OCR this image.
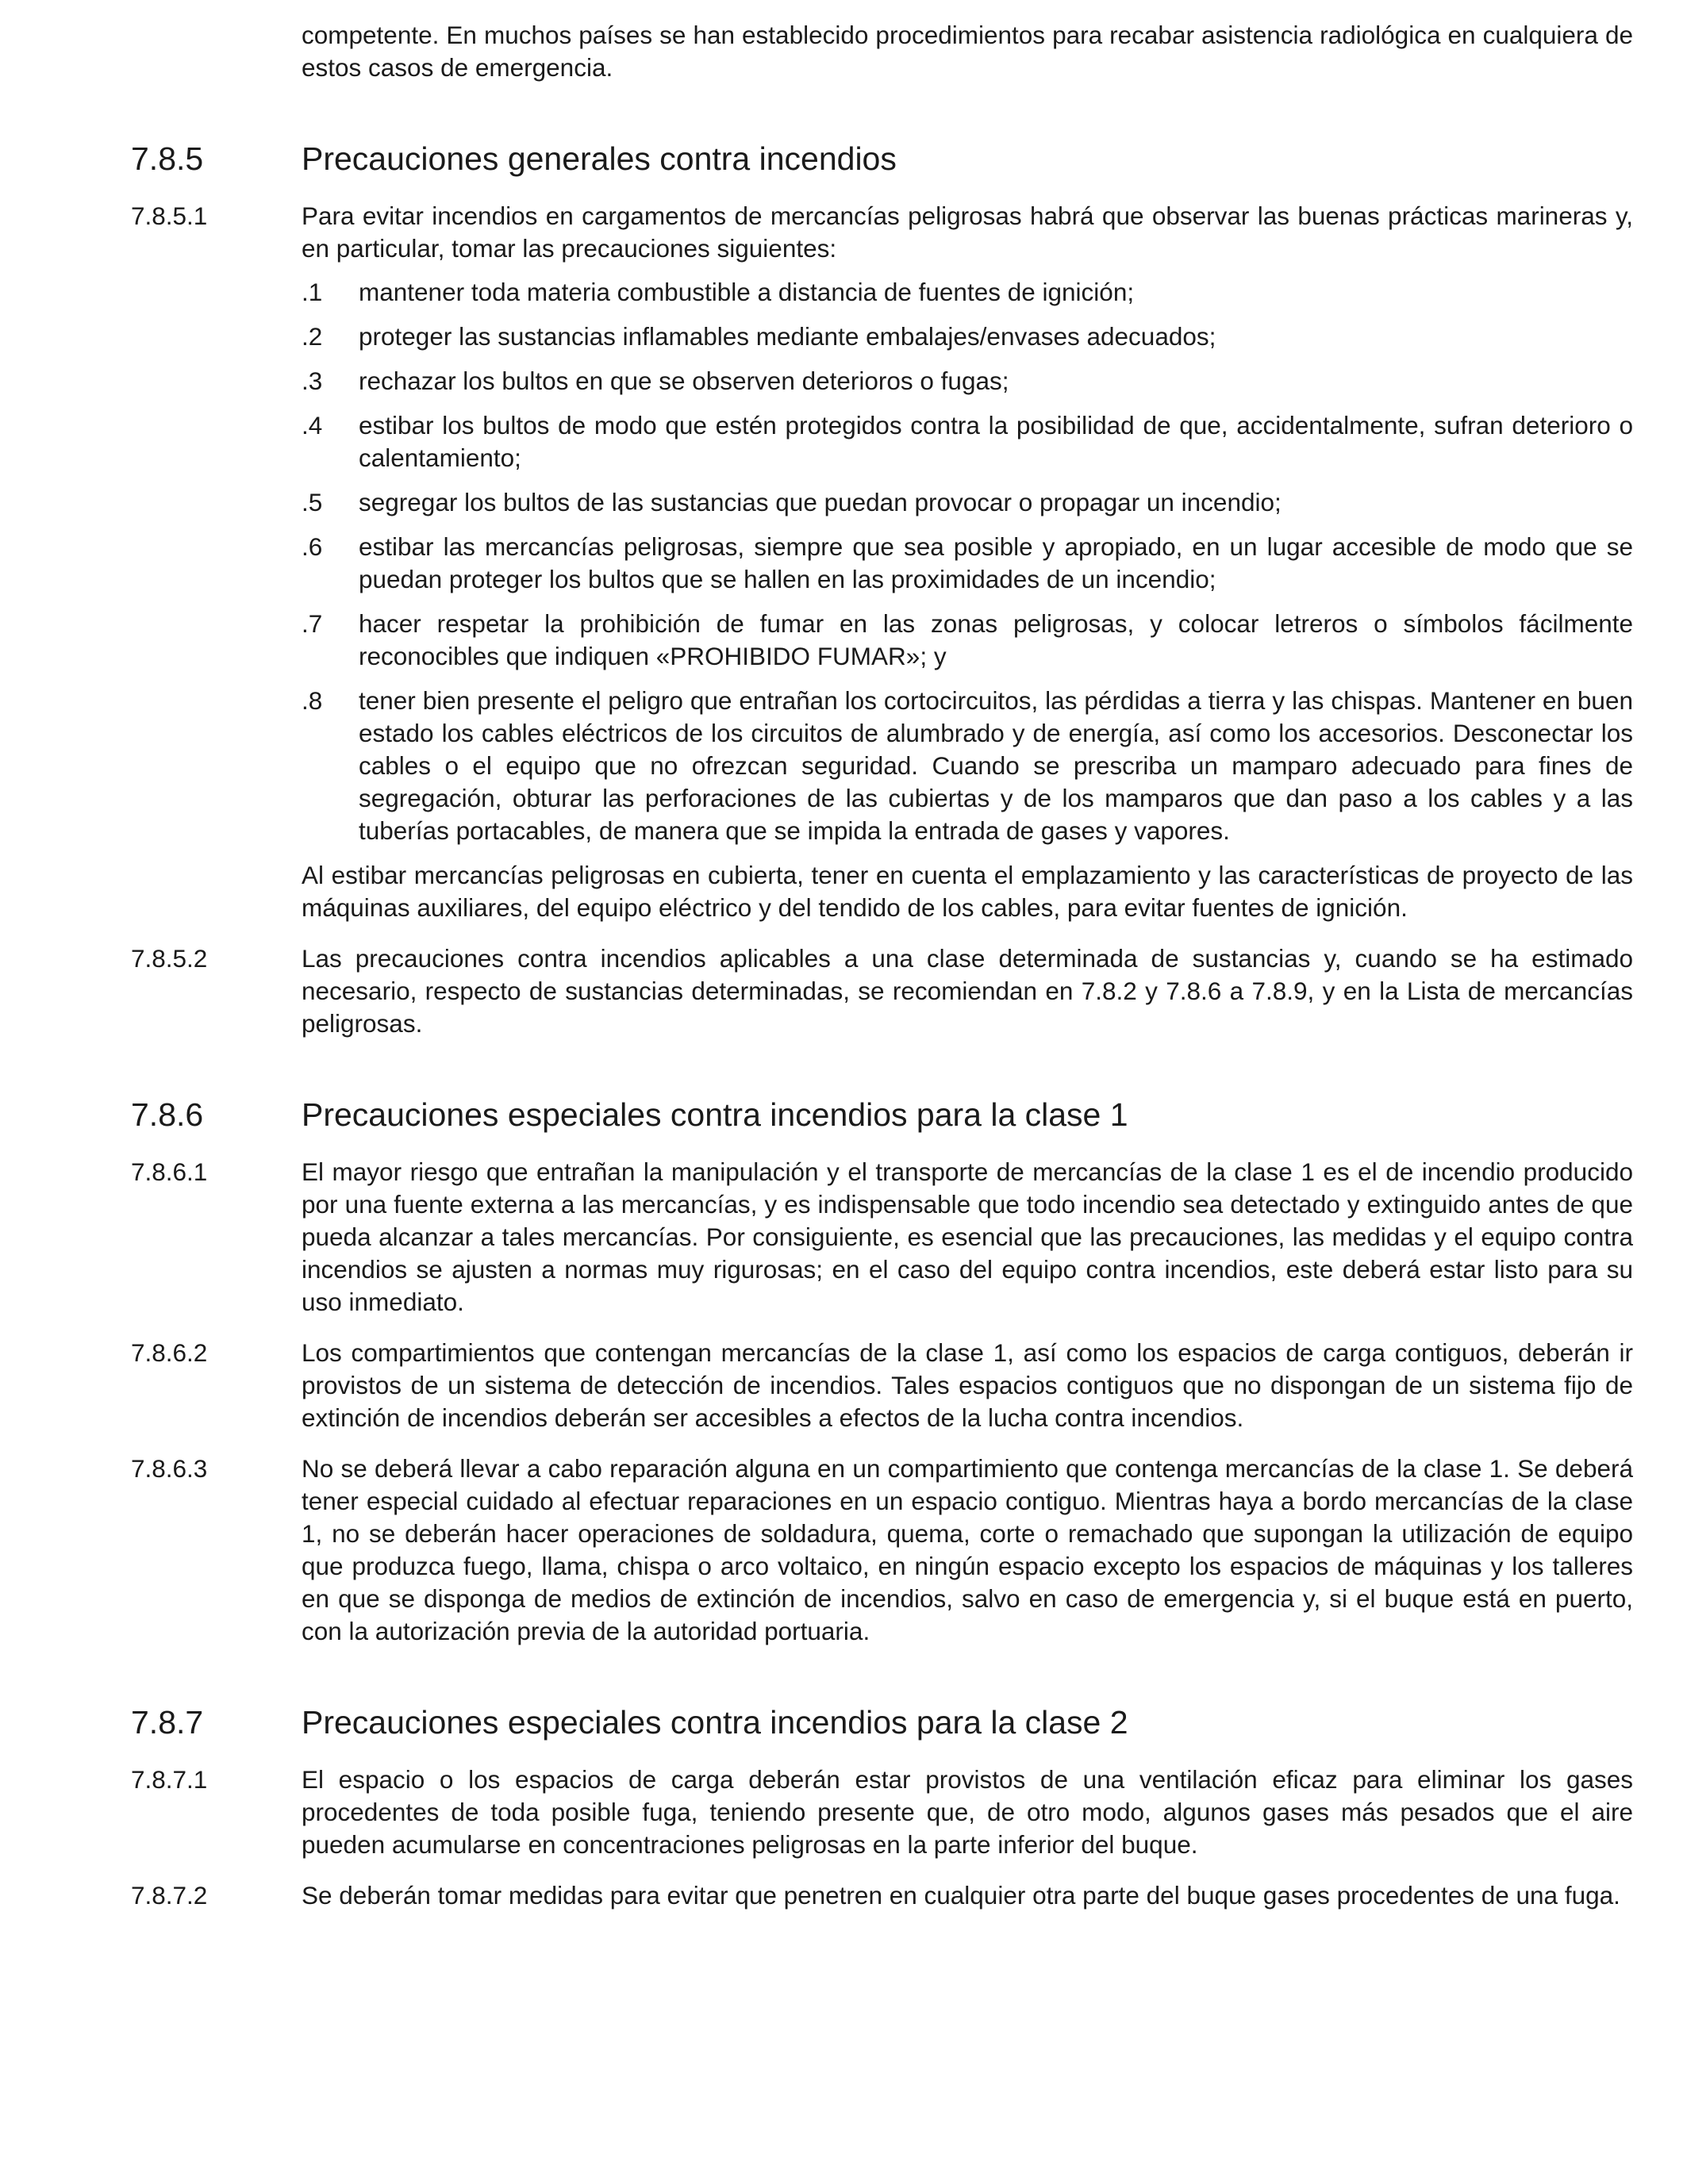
competente. En muchos países se han establecido procedimientos para recabar asistencia radiológica en cualquiera de estos casos de emergencia.

7.8.5	Precauciones generales contra incendios
7.8.5.1	Para evitar incendios en cargamentos de mercancías peligrosas habrá que observar las buenas prácticas marineras y, en particular, tomar las precauciones siguientes:

.1 mantener toda materia combustible a distancia de fuentes de ignición;
.2 proteger las sustancias inflamables mediante embalajes/envases adecuados;
.3 rechazar los bultos en que se observen deterioros o fugas;
.4 estibar los bultos de modo que estén protegidos contra la posibilidad de que, accidentalmente, sufran deterioro o calentamiento;
.5 segregar los bultos de las sustancias que puedan provocar o propagar un incendio;
.6 estibar las mercancías peligrosas, siempre que sea posible y apropiado, en un lugar accesible de modo que se puedan proteger los bultos que se hallen en las proximidades de un incendio;
.7 hacer respetar la prohibición de fumar en las zonas peligrosas, y colocar letreros o símbolos fácilmente reconocibles que indiquen «PROHIBIDO FUMAR»; y
.8 tener bien presente el peligro que entrañan los cortocircuitos, las pérdidas a tierra y las chispas. Mantener en buen estado los cables eléctricos de los circuitos de alumbrado y de energía, así como los accesorios. Desconectar los cables o el equipo que no ofrezcan seguridad. Cuando se prescriba un mamparo adecuado para fines de segregación, obturar las perforaciones de las cubiertas y de los mamparos que dan paso a los cables y a las tuberías portacables, de manera que se impida la entrada de gases y vapores.

Al estibar mercancías peligrosas en cubierta, tener en cuenta el emplazamiento y las características de proyecto de las máquinas auxiliares, del equipo eléctrico y del tendido de los cables, para evitar fuentes de ignición.

7.8.5.2	Las precauciones contra incendios aplicables a una clase determinada de sustancias y, cuando se ha estimado necesario, respecto de sustancias determinadas, se recomiendan en 7.8.2 y 7.8.6 a 7.8.9, y en la Lista de mercancías peligrosas.

7.8.6	Precauciones especiales contra incendios para la clase 1
7.8.6.1	El mayor riesgo que entrañan la manipulación y el transporte de mercancías de la clase 1 es el de incendio producido por una fuente externa a las mercancías, y es indispensable que todo incendio sea detectado y extinguido antes de que pueda alcanzar a tales mercancías. Por consiguiente, es esencial que las precauciones, las medidas y el equipo contra incendios se ajusten a normas muy rigurosas; en el caso del equipo contra incendios, este deberá estar listo para su uso inmediato.

7.8.6.2	Los compartimientos que contengan mercancías de la clase 1, así como los espacios de carga contiguos, deberán ir provistos de un sistema de detección de incendios. Tales espacios contiguos que no dispongan de un sistema fijo de extinción de incendios deberán ser accesibles a efectos de la lucha contra incendios.

7.8.6.3	No se deberá llevar a cabo reparación alguna en un compartimiento que contenga mercancías de la clase 1. Se deberá tener especial cuidado al efectuar reparaciones en un espacio contiguo. Mientras haya a bordo mercancías de la clase 1, no se deberán hacer operaciones de soldadura, quema, corte o remachado que supongan la utilización de equipo que produzca fuego, llama, chispa o arco voltaico, en ningún espacio excepto los espacios de máquinas y los talleres en que se disponga de medios de extinción de incendios, salvo en caso de emergencia y, si el buque está en puerto, con la autorización previa de la autoridad portuaria.

7.8.7	Precauciones especiales contra incendios para la clase 2
7.8.7.1	El espacio o los espacios de carga deberán estar provistos de una ventilación eficaz para eliminar los gases procedentes de toda posible fuga, teniendo presente que, de otro modo, algunos gases más pesados que el aire pueden acumularse en concentraciones peligrosas en la parte inferior del buque.

7.8.7.2	Se deberán tomar medidas para evitar que penetren en cualquier otra parte del buque gases procedentes de una fuga.
